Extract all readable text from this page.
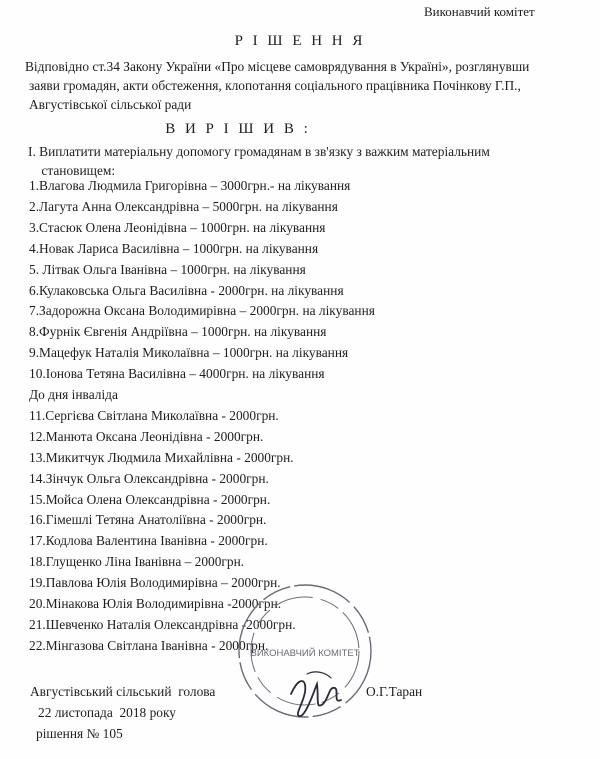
Виконавчий комітет
Р І Ш Е Н Н Я
Відповідно ст.34 Закону України «Про місцеве самоврядування в Україні», розглянувши
заяви громадян, акти обстеження, клопотання соціального працівника Почінкову Г.П.,
Августівської сільської ради
В И Р І Ш И В :
І. Виплатити матеріальну допомогу громадянам в зв'язку з важким матеріальним
становищем:
1.Влагова Людмила Григорівна – 3000грн.- на лікування
2.Лагута Анна Олександрівна – 5000грн. на лікування
3.Стасюк Олена Леонідівна – 1000грн. на лікування
4.Новак Лариса Василівна – 1000грн. на лікування
5. Літвак Ольга Іванівна – 1000грн. на лікування
6.Кулаковська Ольга Василівна - 2000грн. на лікування
7.Задорожна Оксана Володимирівна – 2000грн. на лікування
8.Фурнік Євгенія Андріївна – 1000грн. на лікування
9.Мацефук Наталія Миколаївна – 1000грн. на лікування
10.Іонова Тетяна Василівна – 4000грн. на лікування
До дня інваліда
11.Сергієва Світлана Миколаївна - 2000грн.
12.Манюта Оксана Леонідівна - 2000грн.
13.Микитчук Людмила Михайлівна - 2000грн.
14.Зінчук Ольга Олександрівна - 2000грн.
15.Мойса Олена Олександрівна - 2000грн.
16.Гімешлі Тетяна Анатоліївна - 2000грн.
17.Кодлова Валентина Іванівна - 2000грн.
18.Глущенко Ліна Іванівна – 2000грн.
19.Павлова Юлія Володимирівна – 2000грн.
20.Мінакова Юлія Володимирівна -2000грн.
21.Шевченко Наталія Олександрівна -2000грн.
22.Мінгазова Світлана Іванівна - 2000грн.
ВИКОНАВЧИЙ КОМІТЕТ
Августівський сільський  голова	О.Г.Таран
22 листопада  2018 року
рішення № 105
